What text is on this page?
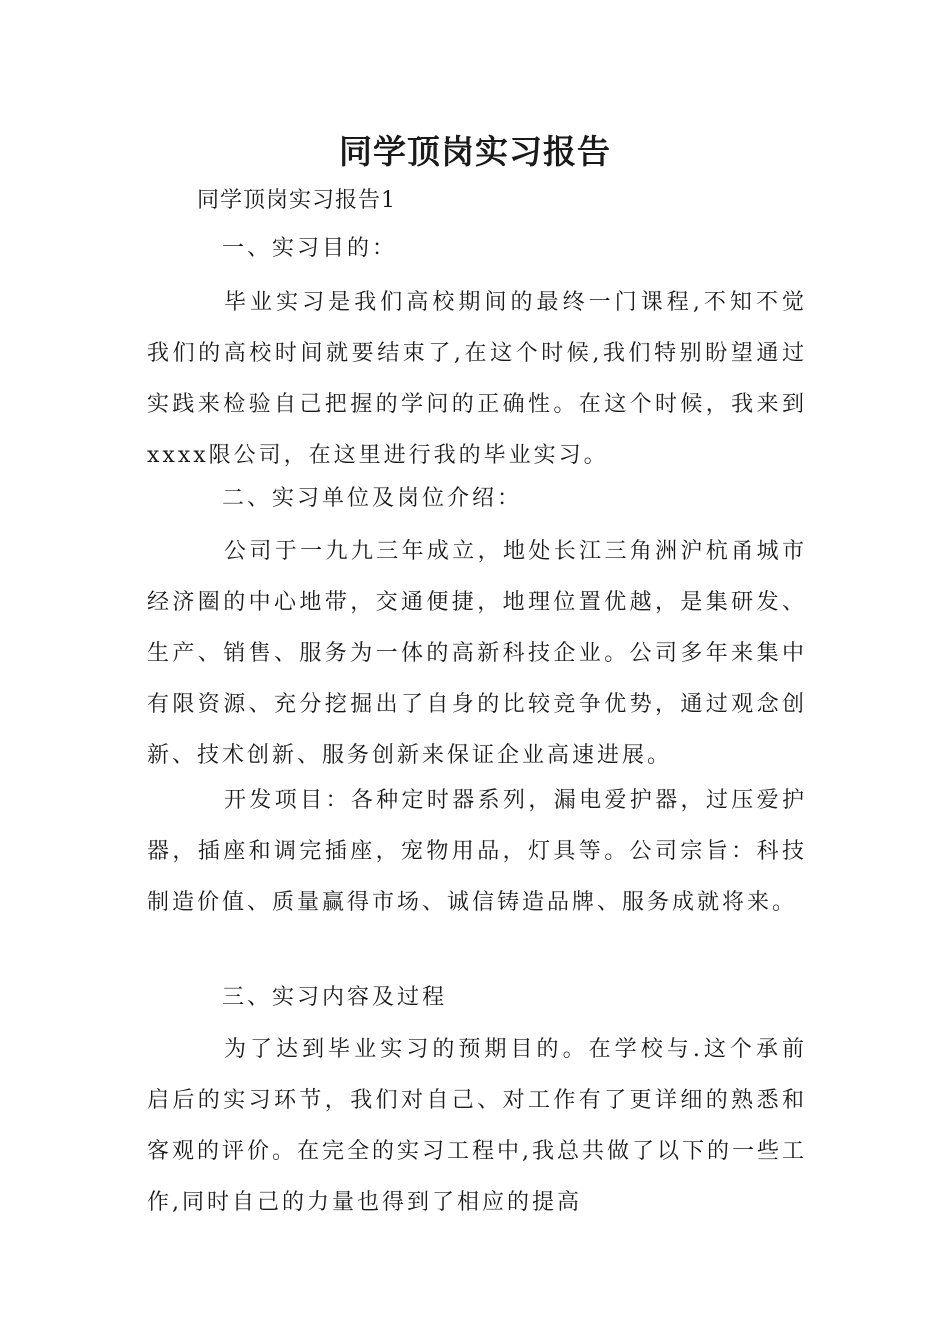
同学顶岗实习报告
同学顶岗实习报告1
一、实习目的：
毕业实习是我们高校期间的最终一门课程,不知不觉我们的高校时间就要结束了,在这个时候,我们特别盼望通过实践来检验自己把握的学问的正确性。在这个时候，我来到xxxx限公司，在这里进行我的毕业实习。
二、实习单位及岗位介绍：
公司于一九九三年成立，地处长江三角洲沪杭甬城市经济圈的中心地带，交通便捷，地理位置优越，是集研发、生产、销售、服务为一体的高新科技企业。公司多年来集中有限资源、充分挖掘出了自身的比较竞争优势，通过观念创新、技术创新、服务创新来保证企业高速进展。
开发项目：各种定时器系列，漏电爱护器，过压爱护器，插座和调完插座，宠物用品，灯具等。公司宗旨：科技制造价值、质量赢得市场、诚信铸造品牌、服务成就将来。
三、实习内容及过程
为了达到毕业实习的预期目的。在学校与.这个承前启后的实习环节，我们对自己、对工作有了更详细的熟悉和客观的评价。在完全的实习工程中,我总共做了以下的一些工作,同时自己的力量也得到了相应的提高
